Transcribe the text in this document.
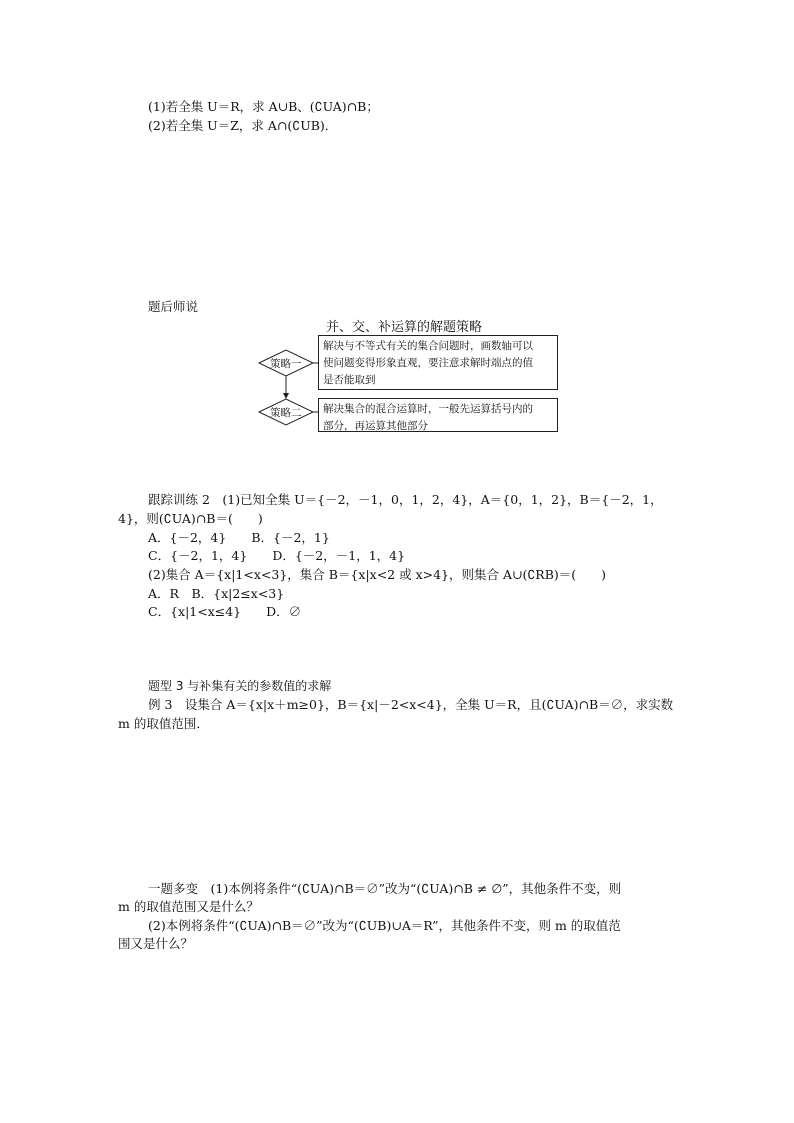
(1)若全集 U＝R，求 A∪B、(∁UA)∩B；
(2)若全集 U＝Z，求 A∩(∁UB)．
题后师说
并、交、补运算的解题策略
策略一
策略二
解决与不等式有关的集合问题时，画数轴可以
使问题变得形象直观，要注意求解时端点的值
是否能取到
解决集合的混合运算时，一般先运算括号内的
部分，再运算其他部分
跟踪训练 2　(1)已知全集 U＝{－2，－1，0，1，2，4}，A＝{0，1，2}，B＝{－2，1，
4}，则(∁UA)∩B＝(　　)
A．{－2，4}　　B．{－2，1}
C．{－2，1，4}　　D．{－2，－1，1，4}
(2)集合 A＝{x|1<x<3}，集合 B＝{x|x<2 或 x>4}，则集合 A∪(∁RB)＝(　　)
A．R　B．{x|2≤x<3}
C．{x|1<x≤4}　　D．∅
题型 3 与补集有关的参数值的求解
例 3　设集合 A＝{x|x＋m≥0}，B＝{x|－2<x<4}，全集 U＝R，且(∁UA)∩B＝∅，求实数
m 的取值范围．
一题多变　(1)本例将条件“(∁UA)∩B＝∅”改为“(∁UA)∩B ≠ ∅”，其他条件不变，则
m 的取值范围又是什么？
(2)本例将条件“(∁UA)∩B＝∅”改为“(∁UB)∪A＝R”，其他条件不变，则 m 的取值范
围又是什么？
